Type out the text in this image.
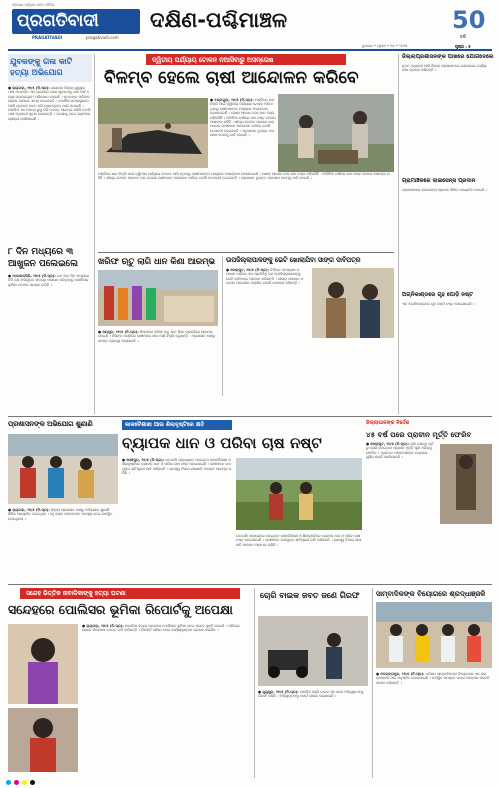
ଓଡ଼ିଶାର ସର୍ବାଧିକ ପଠିତ ଦୈନିକ
ପ୍ରଗତିବାଦୀ
PRAGATIVADI	pragativadi.com
ଦକ୍ଷିଣ-ପଶ୍ଚିମାଞ୍ଚଳ	50
ବର୍ଷ
ବୁଧବାର • ପୃଷ୍ଠା • ୧୦ • ୨୦୨୫	ପୃଷ୍ଠା : ୫
ଯୁବକଙ୍କୁ ଗଳା କାଟି ହତ୍ୟା ଅଭିଯୋଗ
● ରାୟଗଡ଼ା, ୨୭/୫ (ନି.ପ୍ର): ରାୟଗଡ଼ା ଜିଲ୍ଲା ଗୁଣୁପୁର ଥାନା ଅନ୍ତର୍ଗତ ଏକ ଗ୍ରାମରେ ଜଣେ ଯୁବକଙ୍କୁ ଗଳା କାଟି ହତ୍ୟା କରାଯାଇଥିବା ଅଭିଯୋଗ ହୋଇଛି । ମୃତକଙ୍କ ପରିବାର ଲୋକେ ଥାନାରେ ଏତଲା ଦେଇଛନ୍ତି । ପୋଲିସ ଘଟଣାସ୍ଥଳରେ ପହଞ୍ଚି ମୃତଦେହ ଜବତ କରି ବ୍ୟବଚ୍ଛେଦ ପାଇଁ ପଠାଇଛି । ପୋଲିସ ଏକ ମାମଲା ରୁଜୁ କରି ତଦନ୍ତ ଆରମ୍ଭ କରିଛି ବୋଲି ଥାନା ଅଧିକାରୀ ସୂଚନା ଦେଇଛନ୍ତି । ଘଟଣାକୁ ନେଇ ଗ୍ରାମରେ ଚାଞ୍ଚଲ୍ୟ ଖେଳିଯାଇଛି ।
୮ ଦିନ ମଧ୍ୟରେ ୩ ଆଖୁଜନ ପଲେଇଲେ
● ମାଲକାନଗିରି, ୨୭/୫ (ନି.ପ୍ର): ଗତ ଆଠ ଦିନ ମଧ୍ୟରେ ତିନି ଜଣ ଅଭିଯୁକ୍ତ ହାଜତରୁ ପଳାୟନ କରିଥିବାରୁ ପୋଲିସର ଭୂମିକା ଉପରେ ପ୍ରଶ୍ନ ଉଠିଛି ।
ଦ୍ୱିତୀୟ ପର୍ଯ୍ୟାୟ ଟୋକନ ନଆସିବାରୁ ଅସନ୍ତୋଷ
ବିଳମ୍ବ ହେଲେ ଚାଷୀ ଆନ୍ଦୋଳନ କରିବେ
● ବଣ୍ଡଗୁଡ଼ା, ୨୭/୫ (ନି.ପ୍ର): ମଣ୍ଡିରେ ଧାନ ବିକ୍ରି ପାଇଁ ଦ୍ୱିତୀୟ ପର୍ଯ୍ୟାୟ ଟୋକନ ଆସି ନଥିବାରୁ ଚାଷୀମାନଙ୍କ ମଧ୍ୟରେ ଅସନ୍ତୋଷ ଦେଖାଦେଇଛି । ଖୋଲା ଆକାଶ ତଳେ ଧାନ ବସ୍ତା ପଡ଼ିରହିଛି । ଅଦିନିଆ ବର୍ଷାରେ ଧାନ ନଷ୍ଟ ହେବାର ଆଶଙ୍କା ରହିଛି । ଶୀଘ୍ର ଟୋକନ ପ୍ରଦାନ କରା ନଗଲେ ଚାଷୀମାନେ ଆନ୍ଦୋଳନ କରିବେ ବୋଲି ଚେତାବନୀ ଦେଇଛନ୍ତି । ପ୍ରଶାସନ ତୁରନ୍ତ ପଦକ୍ଷେପ ନେବାକୁ ଦାବି ହୋଇଛି ।
ମଣ୍ଡିରେ ଧାନ ବିକ୍ରି ପାଇଁ ଦ୍ୱିତୀୟ ପର୍ଯ୍ୟାୟ ଟୋକନ ଆସି ନଥିବାରୁ ଚାଷୀମାନଙ୍କ ମଧ୍ୟରେ ଅସନ୍ତୋଷ ଦେଖାଦେଇଛି । ଖୋଲା ଆକାଶ ତଳେ ଧାନ ବସ୍ତା ପଡ଼ିରହିଛି । ଅଦିନିଆ ବର୍ଷାରେ ଧାନ ନଷ୍ଟ ହେବାର ଆଶଙ୍କା ରହିଛି । ଶୀଘ୍ର ଟୋକନ ପ୍ରଦାନ କରା ନଗଲେ ଚାଷୀମାନେ ଆନ୍ଦୋଳନ କରିବେ ବୋଲି ଚେତାବନୀ ଦେଇଛନ୍ତି । ପ୍ରଶାସନ ତୁରନ୍ତ ପଦକ୍ଷେପ ନେବାକୁ ଦାବି ହୋଇଛି ।
ଖରିଫ ଋତୁ ଲାଗି ଧାନ କିଣା ଆରମ୍ଭ
● ଜୟପୁର, ୨୭/୫ (ନି.ପ୍ର): ଜିଲ୍ଲାରେ ଖରିଫ ଋତୁ ଧାନ କିଣା ପ୍ରକ୍ରିୟା ଆରମ୍ଭ ହୋଇଛି । ବିଭିନ୍ନ ମଣ୍ଡିରେ ଚାଷୀମାନେ ଧାନ ଆଣି ବିକ୍ରି କରୁଛନ୍ତି । ପ୍ରଶାସନ ପକ୍ଷରୁ ସମସ୍ତ ବ୍ୟବସ୍ଥା କରାଯାଇଛି ।
ଉପଜିଲ୍ଲାପାଳଙ୍କୁ ଭେଟି ଖୋଲାଯିବା ସାଙ୍ଗ ଦାବିପତ୍ର
● କୋରାପୁଟ, ୨୭/୫ (ନି.ପ୍ର): ବିଭିନ୍ନ ସମସ୍ୟାର ସମାଧାନ ଦାବିରେ ଏକ ପ୍ରତିନିଧି ଦଳ ଉପଜିଲ୍ଲାପାଳଙ୍କୁ ଭେଟି ଦାବିପତ୍ର ପ୍ରଦାନ କରିଛନ୍ତି । ଶୀଘ୍ର ସମାଧାନ ନହେଲେ ଆନ୍ଦୋଳନ କରାଯିବ ବୋଲି ସେମାନେ କହିଛନ୍ତି ।
ଜିଲ୍ଲାପ୍ରଶାସନଙ୍କ ପାଖରେ ଯୋଗଦେଲେ
ନୂତନ ଅଧିକାରୀ ଆଜି ଜିଲ୍ଲା ପ୍ରଶାସନରେ ଯୋଗଦେଇ କାର୍ଯ୍ୟଭାର ଗ୍ରହଣ କରିଛନ୍ତି ।
ଗ୍ରାମାଞ୍ଚଳରେ ଲାଇସେନ୍ସ ପ୍ରଦାନ
ଗ୍ରାମାଞ୍ଚଳରେ ଲାଇସେନ୍ସ ପ୍ରଦାନ ଶିବିର ଆୟୋଜିତ ହୋଇଛି ।
ଅଗ୍ନିକାଣ୍ଡରେ ଗୃହ ପୋଡ଼ି ନଷ୍ଟ
ଏକ ଅଗ୍ନିକାଣ୍ଡରେ ଗୃହ ପୋଡ଼ି ନଷ୍ଟ ହୋଇଯାଇଛି ।
ପ୍ରଶାସନଙ୍କ ଅଭିଯୋଗ ଶୁଣାଣି
● ରାୟଗଡ଼ା, ୨୭/୫ (ନି.ପ୍ର): ଜିଲ୍ଲା ପ୍ରଶାସନ ପକ୍ଷରୁ ଅଭିଯୋଗ ଶୁଣାଣି ଶିବିର ଆୟୋଜିତ ହୋଇଥିଲା । ବହୁ ଲୋକ ସେମାନଙ୍କ ସମସ୍ୟା ନେଇ ଉପସ୍ଥିତ ହୋଇଥିଲେ ।
କାଳବୈଶାଖୀ ଆଉ ଶିଲାବୃଷ୍ଟିରେ କ୍ଷତି
ବ୍ୟାପକ ଧାନ ଓ ପରିବା ଚାଷ ନଷ୍ଟ
● କାଶୀପୁର, ୨୭/୫ (ନି.ପ୍ର): ଗତକାଲି ସନ୍ଧ୍ୟାରେ ହୋଇଥିବା କାଳବୈଶାଖୀ ଓ ଶିଲାବୃଷ୍ଟିରେ ବ୍ୟାପକ ଧାନ ଓ ପରିବା ଚାଷ ନଷ୍ଟ ହୋଇଯାଇଛି । ଚାଷୀମାନେ ଉପଯୁକ୍ତ କ୍ଷତିପୂରଣ ଦାବି କରିଛନ୍ତି । ରାଜସ୍ୱ ବିଭାଗ କ୍ଷୟକ୍ଷତି ଆକଳନ ଆରମ୍ଭ କରିଛି ।
ଗତକାଲି ସନ୍ଧ୍ୟାରେ ହୋଇଥିବା କାଳବୈଶାଖୀ ଓ ଶିଲାବୃଷ୍ଟିରେ ବ୍ୟାପକ ଧାନ ଓ ପରିବା ଚାଷ ନଷ୍ଟ ହୋଇଯାଇଛି । ଚାଷୀମାନେ ଉପଯୁକ୍ତ କ୍ଷତିପୂରଣ ଦାବି କରିଛନ୍ତି । ରାଜସ୍ୱ ବିଭାଗ କ୍ଷୟକ୍ଷତି ଆକଳନ ଆରମ୍ଭ କରିଛି ।
ଜିଲ୍ଲାପାଳଙ୍କ ନିର୍ଦ୍ଦେଶ
୪୫ ବର୍ଷ ପରେ ପ୍ରାଚୀନ ମୂର୍ତ୍ତି ଫେରିବ
● କୋରାପୁଟ, ୨୭/୫ (ନି.ପ୍ର): ଚାରି ଦଶନ୍ଧି ପୂର୍ବରୁ ଚୋରି ହୋଇଥିବା ପ୍ରାଚୀନ ମୂର୍ତ୍ତି ପୁଣି ମନ୍ଦିରକୁ ଫେରିବ । ଏଥିନେଇ ଅଞ୍ଚଳବାସୀଙ୍କ ମଧ୍ୟରେ ଖୁସିର ଲହରି ଖେଳିଯାଇଛି ।
ସନ୍ଦେହ ଭିତ୍ତିକ ନାବାଳିକାଙ୍କୁ ହତ୍ୟା ଘଟଣା
ସନ୍ଦେହରେ ପୋଲିସର ଭୂମିକା ରିପୋର୍ଟକୁ ଅପେକ୍ଷା
● ରାୟଗଡ଼ା, ୨୭/୫ (ନି.ପ୍ର): ନାବାଳିକା ହତ୍ୟା ଘଟଣାରେ ପୋଲିସର ଭୂମିକା ନେଇ ସନ୍ଦେହ ସୃଷ୍ଟି ହୋଇଛି । ପରିବାର ଲୋକେ ନିରପେକ୍ଷ ତଦନ୍ତ ଦାବି କରିଛନ୍ତି । ରିପୋର୍ଟ ଆସିବା ପରେ କାର୍ଯ୍ୟାନୁଷ୍ଠାନ ଗ୍ରହଣ କରାଯିବ ।
ଚୋରି ବାଇକ ଜବତ ଜଣେ ଗିରଫ
● ଗୁଣୁପୁର, ୨୭/୫ (ନି.ପ୍ର): ପୋଲିସ ଚୋରି ବାଇକ ସହ ଜଣେ ଅଭିଯୁକ୍ତଙ୍କୁ ଗିରଫ କରିଛି । ଅଭିଯୁକ୍ତଙ୍କୁ କୋର୍ଟ ଚାଲାଣ କରାଯାଇଛି ।
ସାମ୍ବାଦିକଙ୍କ ବିୟୋଗରେ ଶ୍ରଦ୍ଧାଞ୍ଜଳି
● ନବରଙ୍ଗପୁର, ୨୭/୫ (ନି.ପ୍ର): ବରିଷ୍ଠ ସାମ୍ବାଦିକଙ୍କ ବିୟୋଗରେ ଏକ ଶ୍ରଦ୍ଧାଞ୍ଜଳି ସଭା ଅନୁଷ୍ଠିତ ହୋଇଯାଇଛି । ଉପସ୍ଥିତ ସମସ୍ତେ ତାଙ୍କ ଆତ୍ମାର ସଦଗତି କାମନା କରିଛନ୍ତି ।
